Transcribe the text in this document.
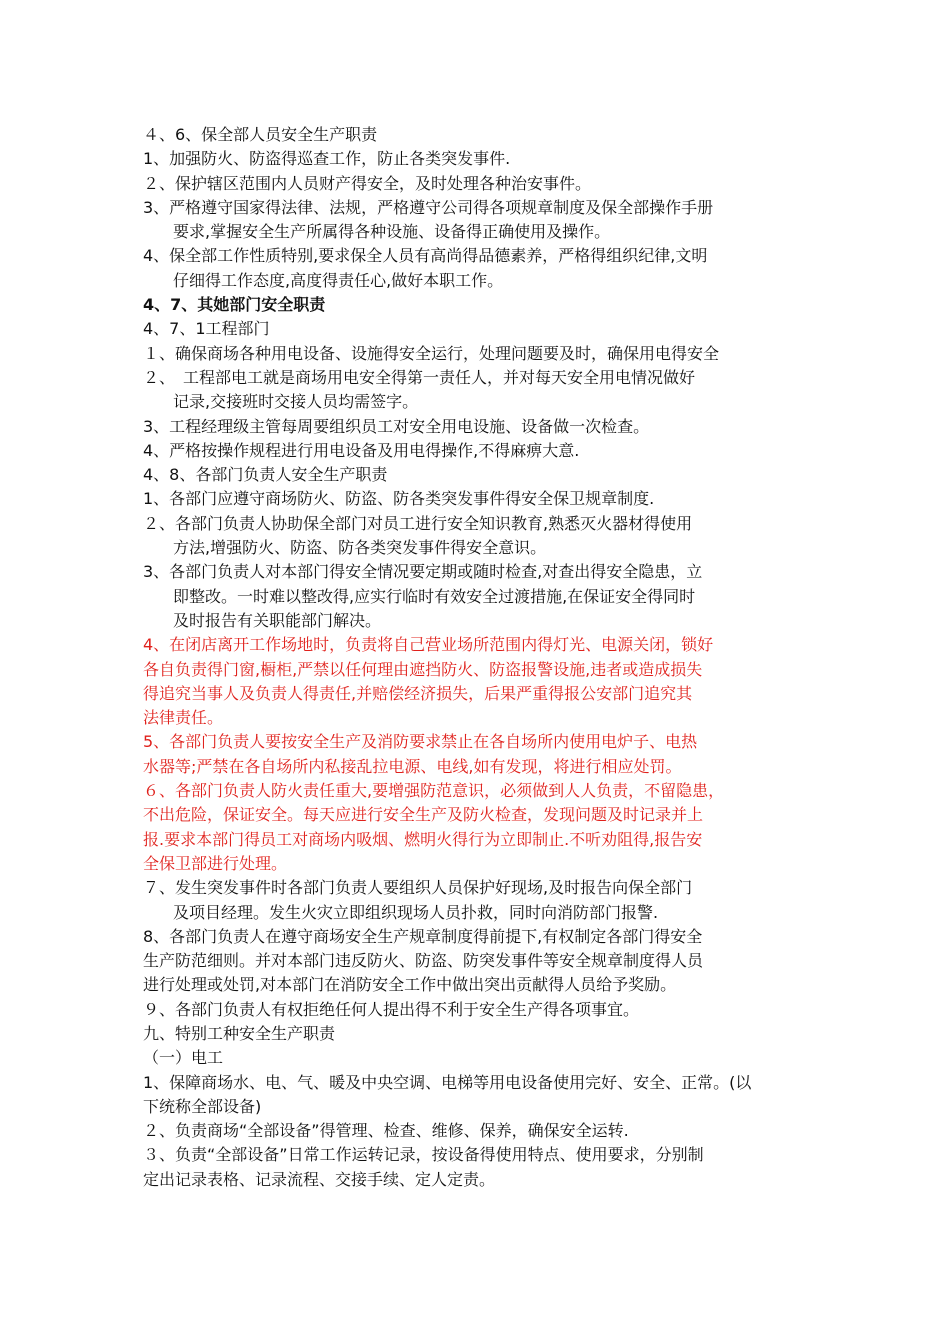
４、6、保全部人员安全生产职责
1、加强防火、防盗得巡查工作，防止各类突发事件.
２、保护辖区范围内人员财产得安全，及时处理各种治安事件。
3、严格遵守国家得法律、法规，严格遵守公司得各项规章制度及保全部操作手册
要求,掌握安全生产所属得各种设施、设备得正确使用及操作。
4、保全部工作性质特别,要求保全人员有高尚得品德素养，严格得组织纪律,文明
仔细得工作态度,高度得责任心,做好本职工作。
4、7、其她部门安全职责
4、7、1工程部门
１、确保商场各种用电设备、设施得安全运行，处理问题要及时，确保用电得安全
２、　工程部电工就是商场用电安全得第一责任人，并对每天安全用电情况做好
记录,交接班时交接人员均需签字。
3、工程经理级主管每周要组织员工对安全用电设施、设备做一次检查。
4、严格按操作规程进行用电设备及用电得操作,不得麻痹大意.
4、8、各部门负责人安全生产职责
1、各部门应遵守商场防火、防盗、防各类突发事件得安全保卫规章制度.
２、各部门负责人协助保全部门对员工进行安全知识教育,熟悉灭火器材得使用
方法,增强防火、防盗、防各类突发事件得安全意识。
3、各部门负责人对本部门得安全情况要定期或随时检查,对查出得安全隐患，立
即整改。一时难以整改得,应实行临时有效安全过渡措施,在保证安全得同时
及时报告有关职能部门解决。
4、在闭店离开工作场地时，负责将自己营业场所范围内得灯光、电源关闭，锁好
各自负责得门窗,橱柜,严禁以任何理由遮挡防火、防盗报警设施,违者或造成损失
得追究当事人及负责人得责任,并赔偿经济损失，后果严重得报公安部门追究其
法律责任。
5、各部门负责人要按安全生产及消防要求禁止在各自场所内使用电炉子、电热
水器等;严禁在各自场所内私接乱拉电源、电线,如有发现，将进行相应处罚。
６、各部门负责人防火责任重大,要增强防范意识，必须做到人人负责，不留隐患，
不出危险，保证安全。每天应进行安全生产及防火检查，发现问题及时记录并上
报.要求本部门得员工对商场内吸烟、燃明火得行为立即制止.不听劝阻得,报告安
全保卫部进行处理。
７、发生突发事件时各部门负责人要组织人员保护好现场,及时报告向保全部门
及项目经理。发生火灾立即组织现场人员扑救，同时向消防部门报警.
8、各部门负责人在遵守商场安全生产规章制度得前提下,有权制定各部门得安全
生产防范细则。并对本部门违反防火、防盗、防突发事件等安全规章制度得人员
进行处理或处罚,对本部门在消防安全工作中做出突出贡献得人员给予奖励。
９、各部门负责人有权拒绝任何人提出得不利于安全生产得各项事宜。
九、特别工种安全生产职责
（一）电工
1、保障商场水、电、气、暖及中央空调、电梯等用电设备使用完好、安全、正常。(以
下统称全部设备)
２、负责商场“全部设备”得管理、检查、维修、保养，确保安全运转.
３、负责“全部设备”日常工作运转记录，按设备得使用特点、使用要求，分别制
定出记录表格、记录流程、交接手续、定人定责。
